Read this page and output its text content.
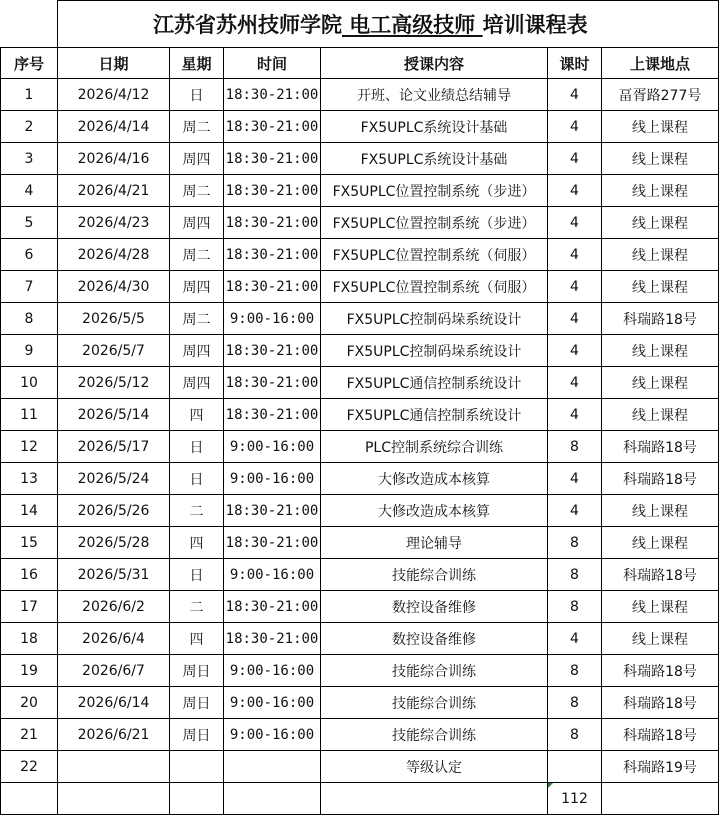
	江苏省苏州技师学院 电工高级技师 培训课程表					
序号	日期	星期	时间	授课内容	课时	上课地点
1	2026/4/12	日	18:30-21:00	开班、论文业绩总结辅导	4	畐胥路277号
2	2026/4/14	周二	18:30-21:00	FX5UPLC系统设计基础	4	线上课程
3	2026/4/16	周四	18:30-21:00	FX5UPLC系统设计基础	4	线上课程
4	2026/4/21	周二	18:30-21:00	FX5UPLC位置控制系统（步进）	4	线上课程
5	2026/4/23	周四	18:30-21:00	FX5UPLC位置控制系统（步进）	4	线上课程
6	2026/4/28	周二	18:30-21:00	FX5UPLC位置控制系统（伺服）	4	线上课程
7	2026/4/30	周四	18:30-21:00	FX5UPLC位置控制系统（伺服）	4	线上课程
8	2026/5/5	周二	9:00-16:00	FX5UPLC控制码垛系统设计	4	科瑞路18号
9	2026/5/7	周四	18:30-21:00	FX5UPLC控制码垛系统设计	4	线上课程
10	2026/5/12	周四	18:30-21:00	FX5UPLC通信控制系统设计	4	线上课程
11	2026/5/14	四	18:30-21:00	FX5UPLC通信控制系统设计	4	线上课程
12	2026/5/17	日	9:00-16:00	PLC控制系统综合训练	8	科瑞路18号
13	2026/5/24	日	9:00-16:00	大修改造成本核算	4	科瑞路18号
14	2026/5/26	二	18:30-21:00	大修改造成本核算	4	线上课程
15	2026/5/28	四	18:30-21:00	理论辅导	8	线上课程
16	2026/5/31	日	9:00-16:00	技能综合训练	8	科瑞路18号
17	2026/6/2	二	18:30-21:00	数控设备维修	8	线上课程
18	2026/6/4	四	18:30-21:00	数控设备维修	4	线上课程
19	2026/6/7	周日	9:00-16:00	技能综合训练	8	科瑞路18号
20	2026/6/14	周日	9:00-16:00	技能综合训练	8	科瑞路18号
21	2026/6/21	周日	9:00-16:00	技能综合训练	8	科瑞路18号
22				等级认定		科瑞路19号
					112	
